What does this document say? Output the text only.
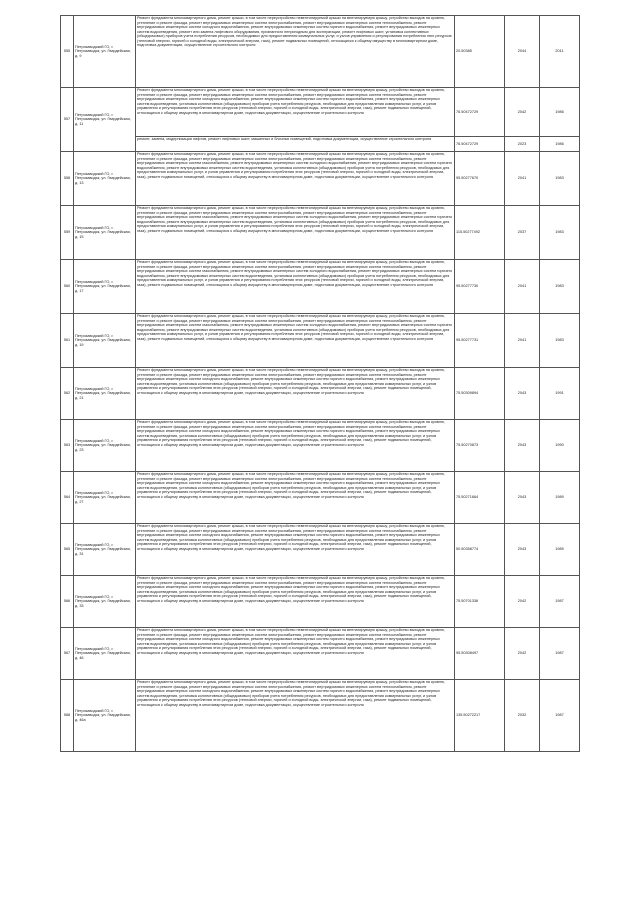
555	Петрозаводский ГО, г. Петрозаводск, ул. Гвардейская, д. 9	Ремонт фундамента многоквартирного дома, ремонт крыши, в том числе переустройство невентилируемой крыши на вентилируемую крышу, устройство выходов на кровлю, утепление и ремонт фасада, ремонт внутридомовых инженерных систем электроснабжения, ремонт внутридомовых инженерных систем теплоснабжения, ремонт внутридомовых инженерных систем холодного водоснабжения, ремонт внутридомовых инженерных систем горячего водоснабжения, ремонт внутридомовых инженерных систем водоотведения, ремонт или замена лифтового оборудования, признанного непригодным для эксплуатации, ремонт лифтовых шахт, установка коллективных (общедомовых) приборов учета потребления ресурсов, необходимых для предоставления коммунальных услуг, и узлов управления и регулирования потребления этих ресурсов (тепловой энергии, горячей и холодной воды, электрической энергии, газа), ремонт подвальных помещений, относящихся к общему имуществу в многоквартирном доме, подготовка документации, осуществление строительного контроля	20.50385	2044	2011
557	Петрозаводский ГО, г. Петрозаводск, ул. Гвардейская, д. 11	Ремонт фундамента многоквартирного дома, ремонт крыши, в том числе переустройство невентилируемой крыши на вентилируемую крышу, устройство выходов на кровлю, утепление и ремонт фасада, ремонт внутридомовых инженерных систем электроснабжения, ремонт внутридомовых инженерных систем теплоснабжения, ремонт внутридомовых инженерных систем холодного водоснабжения, ремонт внутридомовых инженерных систем горячего водоснабжения, ремонт внутридомовых инженерных систем водоотведения, установка коллективных (общедомовых) приборов учета потребления ресурсов, необходимых для предоставления коммунальных услуг, и узлов управления и регулирования потребления этих ресурсов (тепловой энергии, горячей и холодной воды, электрической энергии, газа), ремонт подвальных помещений, относящихся к общему имуществу в многоквартирном доме, подготовка документации, осуществление строительного контроля	76.50472729	2042	1986
		ремонт, замена, модернизация лифтов, ремонт лифтовых шахт, машинных и блочных помещений, подготовка документации, осуществление строительного контроля	76.50472729	2023	1986
558	Петрозаводский ГО, г. Петрозаводск, ул. Гвардейская, д. 13	Ремонт фундамента многоквартирного дома, ремонт крыши, в том числе переустройство невентилируемой крыши на вентилируемую крышу, устройство выходов на кровлю, утепление и ремонт фасада, ремонт внутридомовых инженерных систем электроснабжения, ремонт внутридомовых инженерных систем теплоснабжения, ремонт внутридомовых инженерных систем газоснабжения, ремонт внутридомовых инженерных систем холодного водоснабжения, ремонт внутридомовых инженерных систем горячего водоснабжения, ремонт внутридомовых инженерных систем водоотведения, установка коллективных (общедомовых) приборов учета потребления ресурсов, необходимых для предоставления коммунальных услуг, и узлов управления и регулирования потребления этих ресурсов (тепловой энергии, горячей и холодной воды, электрической энергии, газа), ремонт подвальных помещений, относящихся к общему имуществу в многоквартирном доме, подготовка документации, осуществление строительного контроля	95.50277670	2041	1983
559	Петрозаводский ГО, г. Петрозаводск, ул. Гвардейская, д. 15	Ремонт фундамента многоквартирного дома, ремонт крыши, в том числе переустройство невентилируемой крыши на вентилируемую крышу, устройство выходов на кровлю, утепление и ремонт фасада, ремонт внутридомовых инженерных систем электроснабжения, ремонт внутридомовых инженерных систем теплоснабжения, ремонт внутридомовых инженерных систем газоснабжения, ремонт внутридомовых инженерных систем холодного водоснабжения, ремонт внутридомовых инженерных систем горячего водоснабжения, ремонт внутридомовых инженерных систем водоотведения, установка коллективных (общедомовых) приборов учета потребления ресурсов, необходимых для предоставления коммунальных услуг, и узлов управления и регулирования потребления этих ресурсов (тепловой энергии, горячей и холодной воды, электрической энергии, газа), ремонт подвальных помещений, относящихся к общему имуществу в многоквартирном доме, подготовка документации, осуществление строительного контроля	115.50277492	2037	1983
560	Петрозаводский ГО, г. Петрозаводск, ул. Гвардейская, д. 17	Ремонт фундамента многоквартирного дома, ремонт крыши, в том числе переустройство невентилируемой крыши на вентилируемую крышу, устройство выходов на кровлю, утепление и ремонт фасада, ремонт внутридомовых инженерных систем электроснабжения, ремонт внутридомовых инженерных систем теплоснабжения, ремонт внутридомовых инженерных систем газоснабжения, ремонт внутридомовых инженерных систем холодного водоснабжения, ремонт внутридомовых инженерных систем горячего водоснабжения, ремонт внутридомовых инженерных систем водоотведения, установка коллективных (общедомовых) приборов учета потребления ресурсов, необходимых для предоставления коммунальных услуг, и узлов управления и регулирования потребления этих ресурсов (тепловой энергии, горячей и холодной воды, электрической энергии, газа), ремонт подвальных помещений, относящихся к общему имуществу в многоквартирном доме, подготовка документации, осуществление строительного контроля	95.50277730	2041	1983
561	Петрозаводский ГО, г. Петрозаводск, ул. Гвардейская, д. 19	Ремонт фундамента многоквартирного дома, ремонт крыши, в том числе переустройство невентилируемой крыши на вентилируемую крышу, устройство выходов на кровлю, утепление и ремонт фасада, ремонт внутридомовых инженерных систем электроснабжения, ремонт внутридомовых инженерных систем теплоснабжения, ремонт внутридомовых инженерных систем газоснабжения, ремонт внутридомовых инженерных систем холодного водоснабжения, ремонт внутридомовых инженерных систем горячего водоснабжения, ремонт внутридомовых инженерных систем водоотведения, установка коллективных (общедомовых) приборов учета потребления ресурсов, необходимых для предоставления коммунальных услуг, и узлов управления и регулирования потребления этих ресурсов (тепловой энергии, горячей и холодной воды, электрической энергии, газа), ремонт подвальных помещений, относящихся к общему имуществу в многоквартирном доме, подготовка документации, осуществление строительного контроля	95.50277731	2041	1983
562	Петрозаводский ГО, г. Петрозаводск, ул. Гвардейская, д. 21	Ремонт фундамента многоквартирного дома, ремонт крыши, в том числе переустройство невентилируемой крыши на вентилируемую крышу, устройство выходов на кровлю, утепление и ремонт фасада, ремонт внутридомовых инженерных систем электроснабжения, ремонт внутридомовых инженерных систем теплоснабжения, ремонт внутридомовых инженерных систем холодного водоснабжения, ремонт внутридомовых инженерных систем горячего водоснабжения, ремонт внутридомовых инженерных систем водоотведения, установка коллективных (общедомовых) приборов учета потребления ресурсов, необходимых для предоставления коммунальных услуг, и узлов управления и регулирования потребления этих ресурсов (тепловой энергии, горячей и холодной воды, электрической энергии, газа), ремонт подвальных помещений, относящихся к общему имуществу в многоквартирном доме, подготовка документации, осуществление строительного контроля	75.50309894	2043	1991
563	Петрозаводский ГО, г. Петрозаводск, ул. Гвардейская, д. 23	Ремонт фундамента многоквартирного дома, ремонт крыши, в том числе переустройство невентилируемой крыши на вентилируемую крышу, устройство выходов на кровлю, утепление и ремонт фасада, ремонт внутридомовых инженерных систем электроснабжения, ремонт внутридомовых инженерных систем теплоснабжения, ремонт внутридомовых инженерных систем холодного водоснабжения, ремонт внутридомовых инженерных систем горячего водоснабжения, ремонт внутридомовых инженерных систем водоотведения, установка коллективных (общедомовых) приборов учета потребления ресурсов, необходимых для предоставления коммунальных услуг, и узлов управления и регулирования потребления этих ресурсов (тепловой энергии, горячей и холодной воды, электрической энергии, газа), ремонт подвальных помещений, относящихся к общему имуществу в многоквартирном доме, подготовка документации, осуществление строительного контроля	75.50270873	2043	1990
564	Петрозаводский ГО, г. Петрозаводск, ул. Гвардейская, д. 27	Ремонт фундамента многоквартирного дома, ремонт крыши, в том числе переустройство невентилируемой крыши на вентилируемую крышу, устройство выходов на кровлю, утепление и ремонт фасада, ремонт внутридомовых инженерных систем электроснабжения, ремонт внутридомовых инженерных систем теплоснабжения, ремонт внутридомовых инженерных систем холодного водоснабжения, ремонт внутридомовых инженерных систем горячего водоснабжения, ремонт внутридомовых инженерных систем водоотведения, установка коллективных (общедомовых) приборов учета потребления ресурсов, необходимых для предоставления коммунальных услуг, и узлов управления и регулирования потребления этих ресурсов (тепловой энергии, горячей и холодной воды, электрической энергии, газа), ремонт подвальных помещений, относящихся к общему имуществу в многоквартирном доме, подготовка документации, осуществление строительного контроля	75.50271664	2043	1989
565	Петрозаводский ГО, г. Петрозаводск, ул. Гвардейская, д. 31	Ремонт фундамента многоквартирного дома, ремонт крыши, в том числе переустройство невентилируемой крыши на вентилируемую крышу, устройство выходов на кровлю, утепление и ремонт фасада, ремонт внутридомовых инженерных систем электроснабжения, ремонт внутридомовых инженерных систем теплоснабжения, ремонт внутридомовых инженерных систем холодного водоснабжения, ремонт внутридомовых инженерных систем горячего водоснабжения, ремонт внутридомовых инженерных систем водоотведения, установка коллективных (общедомовых) приборов учета потребления ресурсов, необходимых для предоставления коммунальных услуг, и узлов управления и регулирования потребления этих ресурсов (тепловой энергии, горячей и холодной воды, электрической энергии, газа), ремонт подвальных помещений, относящихся к общему имуществу в многоквартирном доме, подготовка документации, осуществление строительного контроля	50.50358774	2043	1989
566	Петрозаводский ГО, г. Петрозаводск, ул. Гвардейская, д. 33	Ремонт фундамента многоквартирного дома, ремонт крыши, в том числе переустройство невентилируемой крыши на вентилируемую крышу, устройство выходов на кровлю, утепление и ремонт фасада, ремонт внутридомовых инженерных систем электроснабжения, ремонт внутридомовых инженерных систем теплоснабжения, ремонт внутридомовых инженерных систем холодного водоснабжения, ремонт внутридомовых инженерных систем горячего водоснабжения, ремонт внутридомовых инженерных систем водоотведения, установка коллективных (общедомовых) приборов учета потребления ресурсов, необходимых для предоставления коммунальных услуг, и узлов управления и регулирования потребления этих ресурсов (тепловой энергии, горячей и холодной воды, электрической энергии, газа), ремонт подвальных помещений, относящихся к общему имуществу в многоквартирном доме, подготовка документации, осуществление строительного контроля	75.50701336	2042	1987
567	Петрозаводский ГО, г. Петрозаводск, ул. Гвардейская, д. 46	Ремонт фундамента многоквартирного дома, ремонт крыши, в том числе переустройство невентилируемой крыши на вентилируемую крышу, устройство выходов на кровлю, утепление и ремонт фасада, ремонт внутридомовых инженерных систем электроснабжения, ремонт внутридомовых инженерных систем теплоснабжения, ремонт внутридомовых инженерных систем холодного водоснабжения, ремонт внутридомовых инженерных систем горячего водоснабжения, ремонт внутридомовых инженерных систем водоотведения, установка коллективных (общедомовых) приборов учета потребления ресурсов, необходимых для предоставления коммунальных услуг, и узлов управления и регулирования потребления этих ресурсов (тепловой энергии, горячей и холодной воды, электрической энергии, газа), ремонт подвальных помещений, относящихся к общему имуществу в многоквартирном доме, подготовка документации, осуществление строительного контроля	95.50308497	2042	1987
568	Петрозаводский ГО, г. Петрозаводск, ул. Гвардейская, д. 46а	Ремонт фундамента многоквартирного дома, ремонт крыши, в том числе переустройство невентилируемой крыши на вентилируемую крышу, устройство выходов на кровлю, утепление и ремонт фасада, ремонт внутридомовых инженерных систем электроснабжения, ремонт внутридомовых инженерных систем теплоснабжения, ремонт внутридомовых инженерных систем холодного водоснабжения, ремонт внутридомовых инженерных систем горячего водоснабжения, ремонт внутридомовых инженерных систем водоотведения, установка коллективных (общедомовых) приборов учета потребления ресурсов, необходимых для предоставления коммунальных услуг, и узлов управления и регулирования потребления этих ресурсов (тепловой энергии, горячей и холодной воды, электрической энергии, газа), ремонт подвальных помещений, относящихся к общему имуществу в многоквартирном доме, подготовка документации, осуществление строительного контроля	135.50272217	2032	1987
